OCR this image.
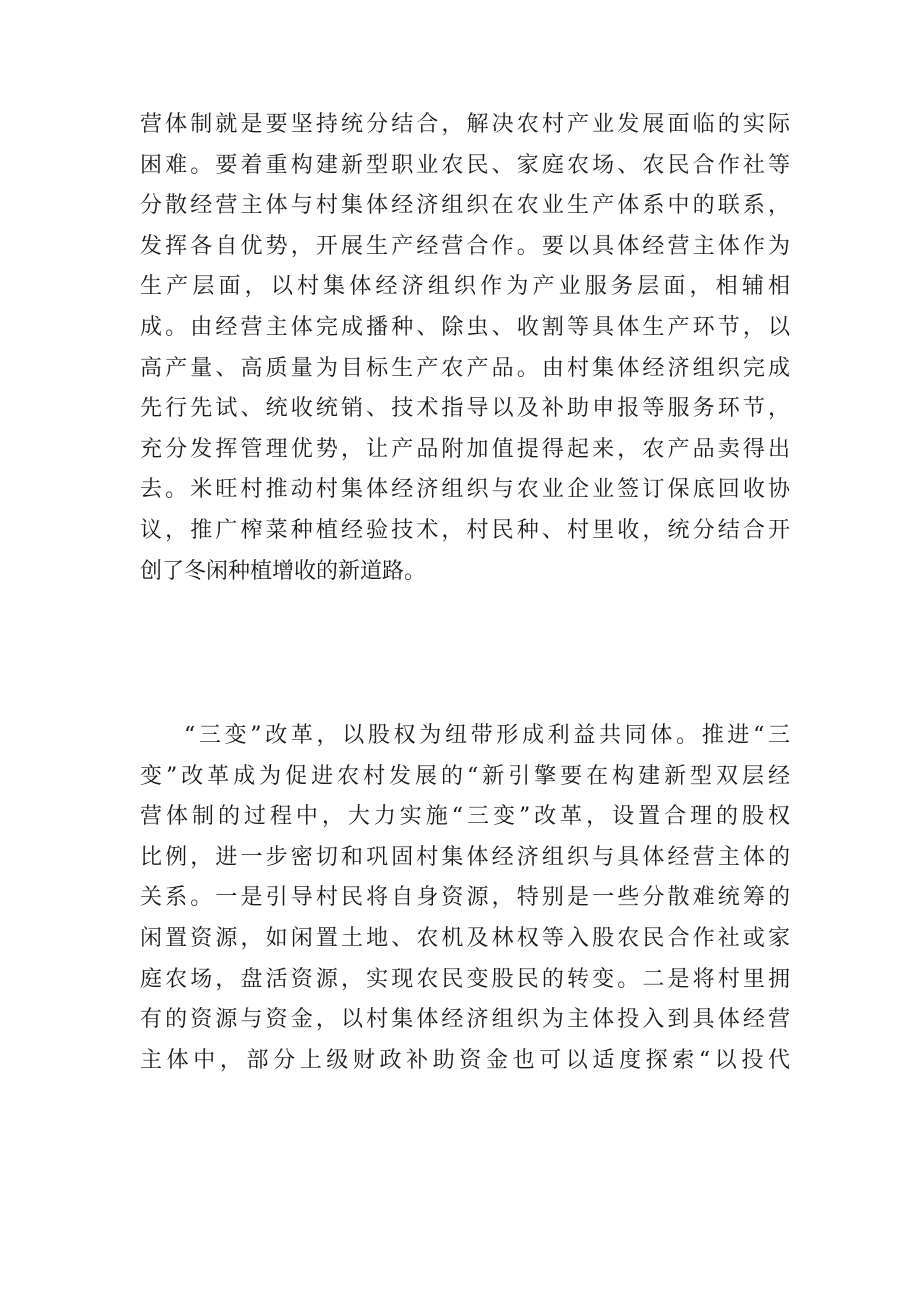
营体制就是要坚持统分结合，解决农村产业发展面临的实际
困难。要着重构建新型职业农民、家庭农场、农民合作社等
分散经营主体与村集体经济组织在农业生产体系中的联系，
发挥各自优势，开展生产经营合作。要以具体经营主体作为
生产层面，以村集体经济组织作为产业服务层面，相辅相
成。由经营主体完成播种、除虫、收割等具体生产环节，以
高产量、高质量为目标生产农产品。由村集体经济组织完成
先行先试、统收统销、技术指导以及补助申报等服务环节，
充分发挥管理优势，让产品附加值提得起来，农产品卖得出
去。米旺村推动村集体经济组织与农业企业签订保底回收协
议，推广榨菜种植经验技术，村民种、村里收，统分结合开
创了冬闲种植增收的新道路。
“三变”改革，以股权为纽带形成利益共同体。推进“三
变”改革成为促进农村发展的“新引擎要在构建新型双层经
营体制的过程中，大力实施“三变”改革，设置合理的股权
比例，进一步密切和巩固村集体经济组织与具体经营主体的
关系。一是引导村民将自身资源，特别是一些分散难统筹的
闲置资源，如闲置土地、农机及林权等入股农民合作社或家
庭农场，盘活资源，实现农民变股民的转变。二是将村里拥
有的资源与资金，以村集体经济组织为主体投入到具体经营
主体中，部分上级财政补助资金也可以适度探索“以投代
